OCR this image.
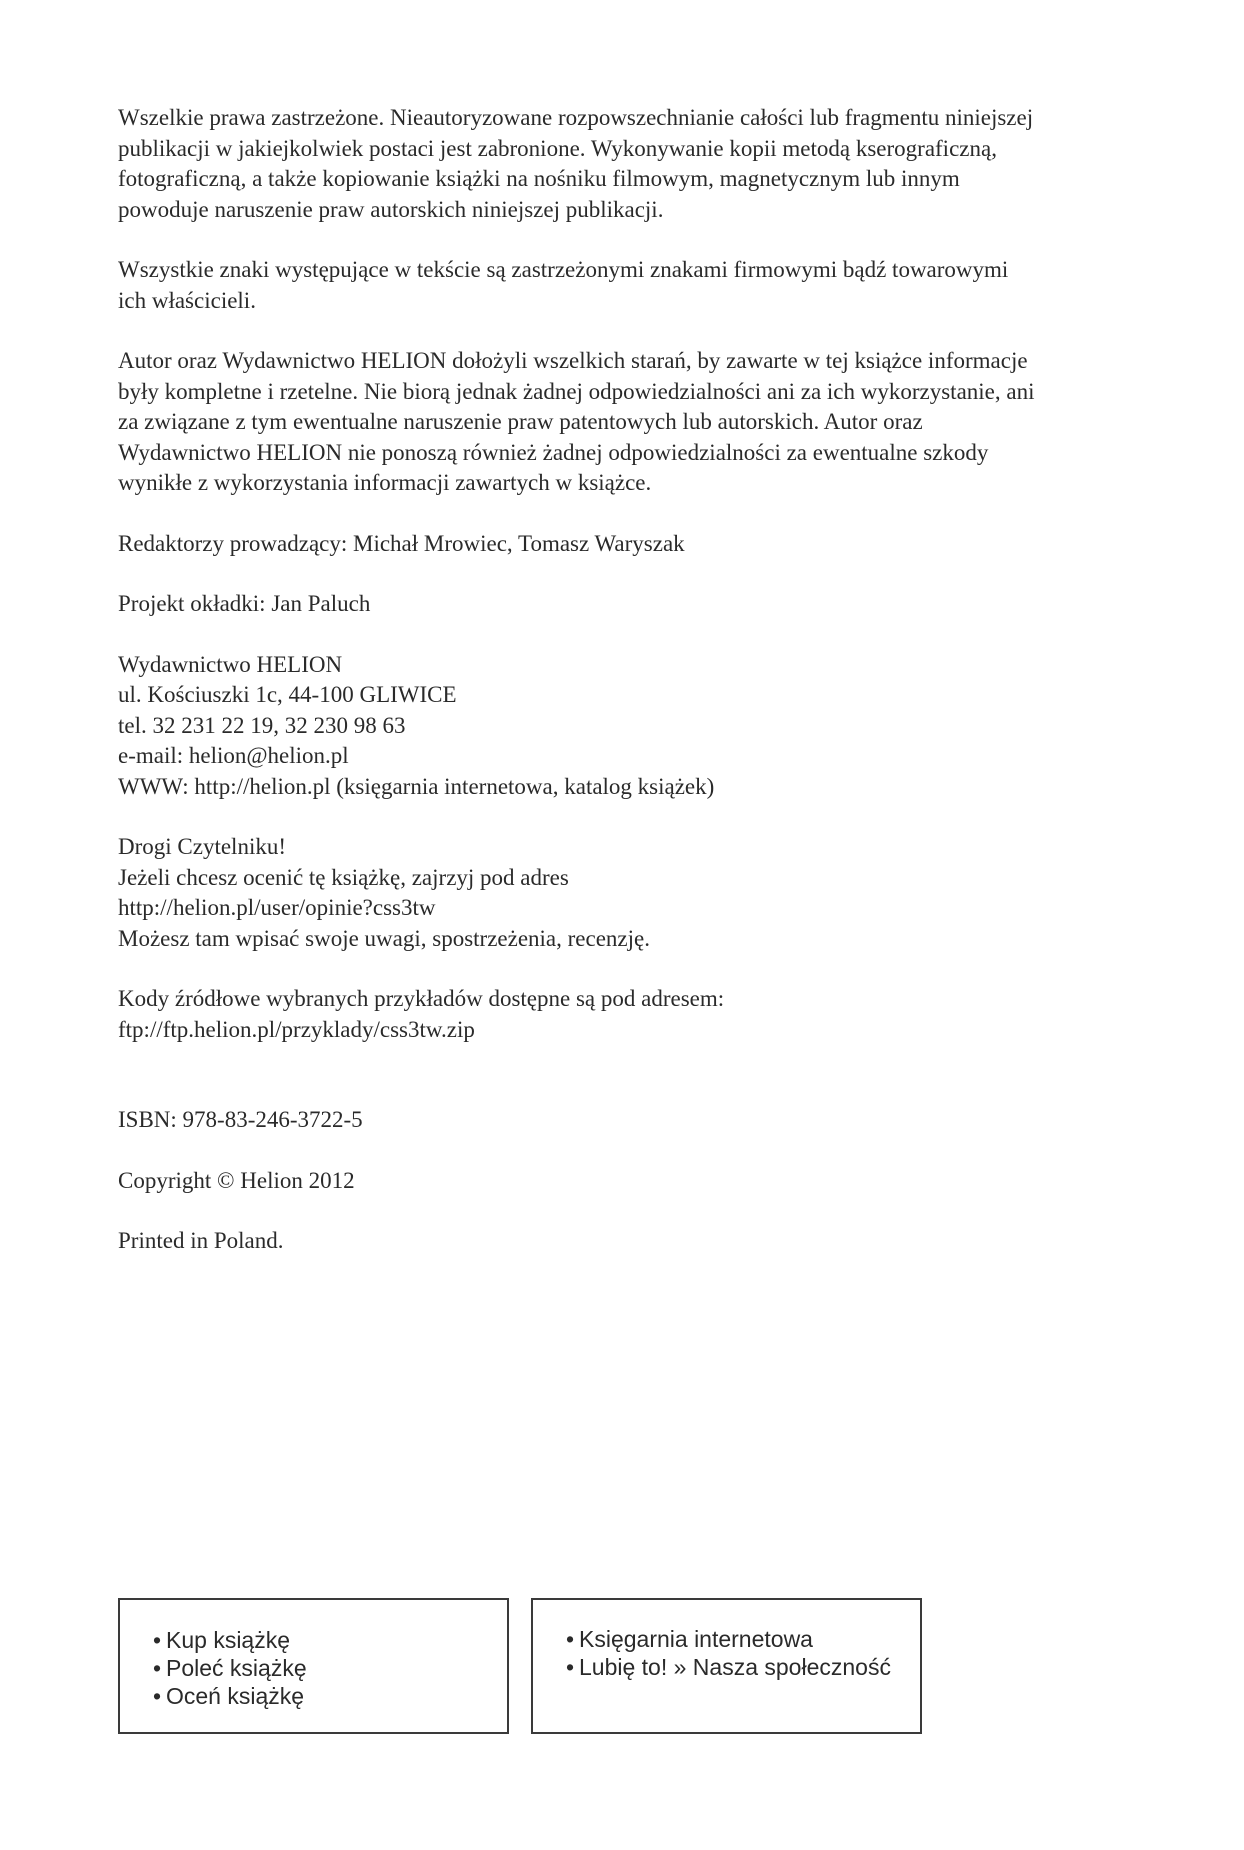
Wszelkie prawa zastrzeżone. Nieautoryzowane rozpowszechnianie całości lub fragmentu niniejszej
publikacji w jakiejkolwiek postaci jest zabronione. Wykonywanie kopii metodą kserograficzną,
fotograficzną, a także kopiowanie książki na nośniku filmowym, magnetycznym lub innym
powoduje naruszenie praw autorskich niniejszej publikacji.

Wszystkie znaki występujące w tekście są zastrzeżonymi znakami firmowymi bądź towarowymi
ich właścicieli.

Autor oraz Wydawnictwo HELION dołożyli wszelkich starań, by zawarte w tej książce informacje
były kompletne i rzetelne. Nie biorą jednak żadnej odpowiedzialności ani za ich wykorzystanie, ani
za związane z tym ewentualne naruszenie praw patentowych lub autorskich. Autor oraz
Wydawnictwo HELION nie ponoszą również żadnej odpowiedzialności za ewentualne szkody
wynikłe z wykorzystania informacji zawartych w książce.

Redaktorzy prowadzący: Michał Mrowiec, Tomasz Waryszak

Projekt okładki: Jan Paluch

Wydawnictwo HELION
ul. Kościuszki 1c, 44-100 GLIWICE
tel. 32 231 22 19, 32 230 98 63
e-mail: helion@helion.pl
WWW: http://helion.pl (księgarnia internetowa, katalog książek)

Drogi Czytelniku!
Jeżeli chcesz ocenić tę książkę, zajrzyj pod adres
http://helion.pl/user/opinie?css3tw
Możesz tam wpisać swoje uwagi, spostrzeżenia, recenzję.

Kody źródłowe wybranych przykładów dostępne są pod adresem:
ftp://ftp.helion.pl/przyklady/css3tw.zip

ISBN: 978-83-246-3722-5

Copyright © Helion 2012

Printed in Poland.

• Kup książkę
• Poleć książkę
• Oceń książkę
• Księgarnia internetowa
• Lubię to! » Nasza społeczność
